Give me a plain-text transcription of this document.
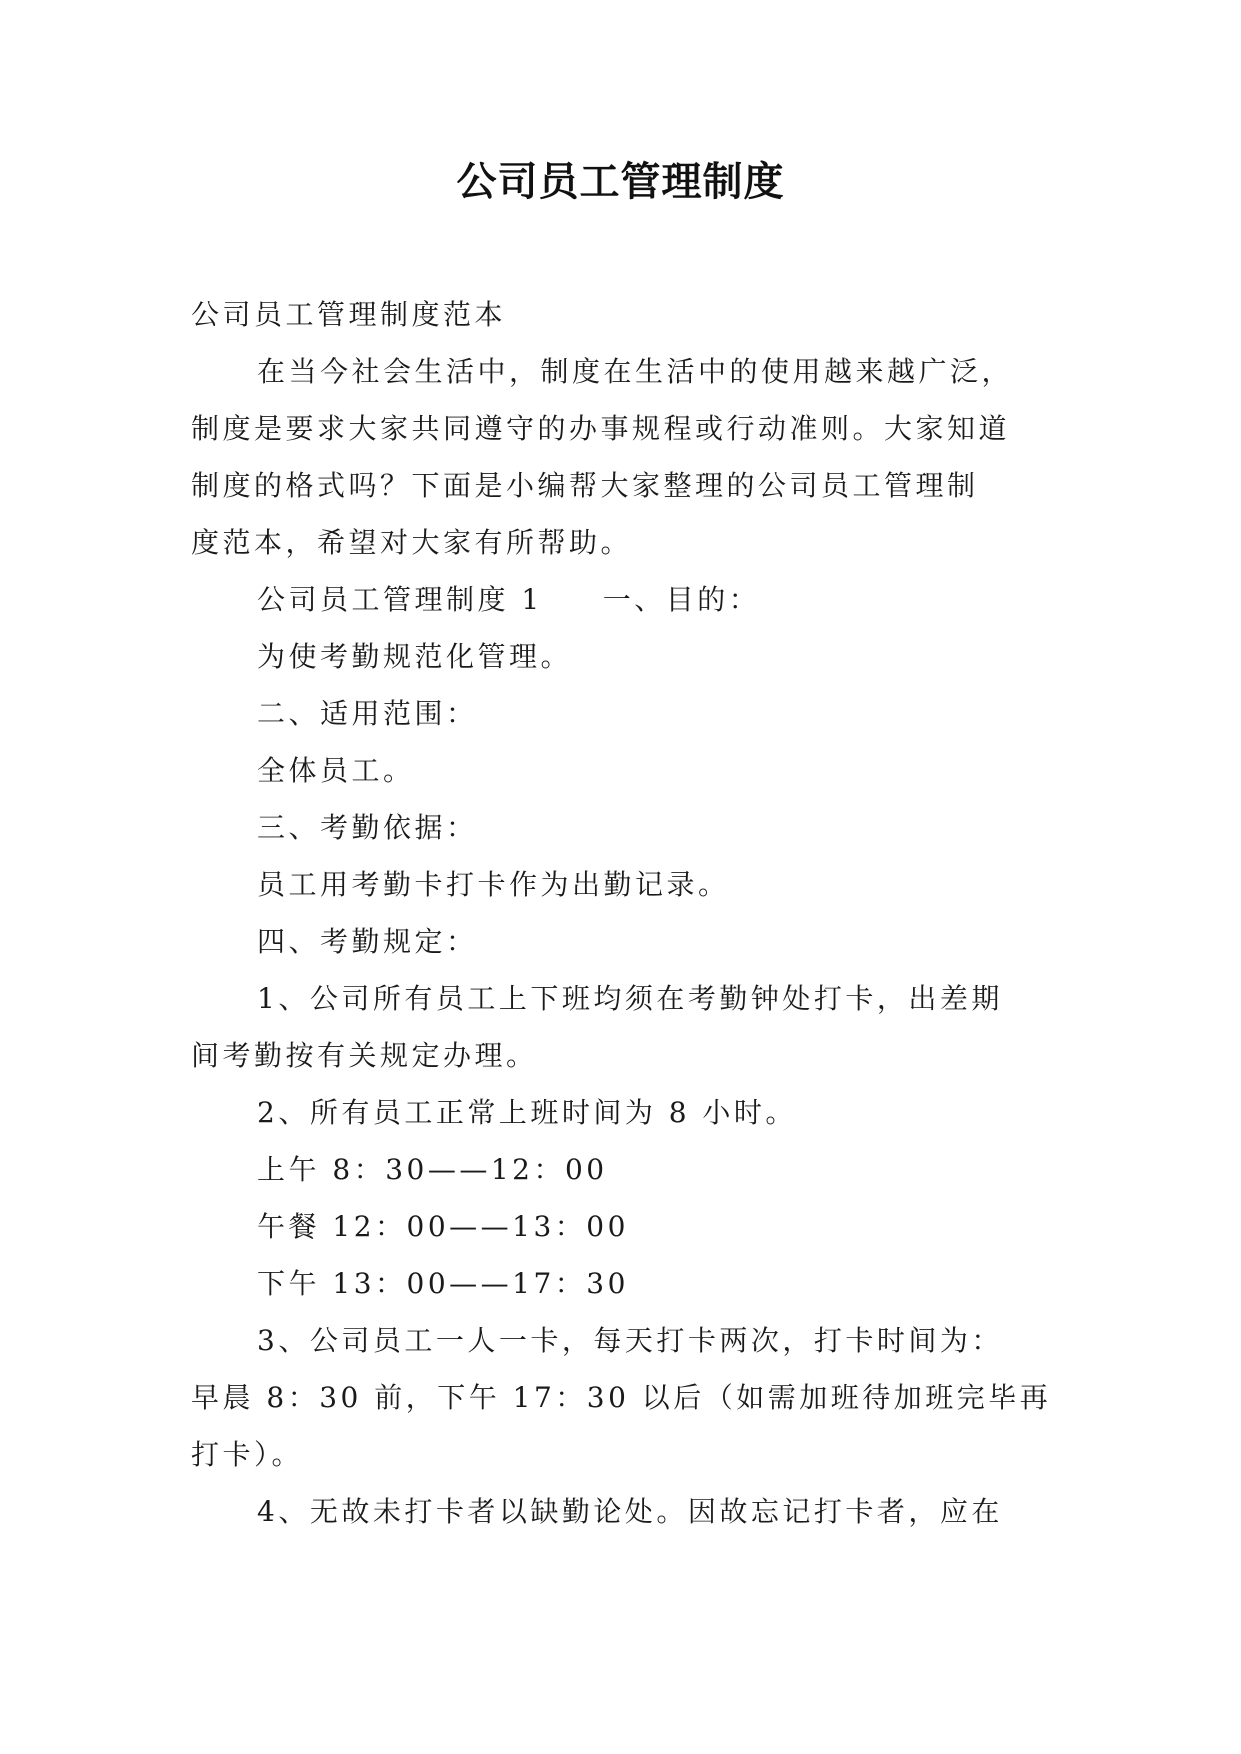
公司员工管理制度

公司员工管理制度范本

在当今社会生活中，制度在生活中的使用越来越广泛，

制度是要求大家共同遵守的办事规程或行动准则。大家知道

制度的格式吗？下面是小编帮大家整理的公司员工管理制

度范本，希望对大家有所帮助。

公司员工管理制度 1 一、目的：

为使考勤规范化管理。

二、适用范围：

全体员工。

三、考勤依据：

员工用考勤卡打卡作为出勤记录。

四、考勤规定：

1、公司所有员工上下班均须在考勤钟处打卡，出差期

间考勤按有关规定办理。

2、所有员工正常上班时间为 8 小时。

上午 8：30——12：00

午餐 12：00——13：00

下午 13：00——17：30

3、公司员工一人一卡，每天打卡两次，打卡时间为：

早晨 8：30 前，下午 17：30 以后（如需加班待加班完毕再

打卡）。

4、无故未打卡者以缺勤论处。因故忘记打卡者，应在
